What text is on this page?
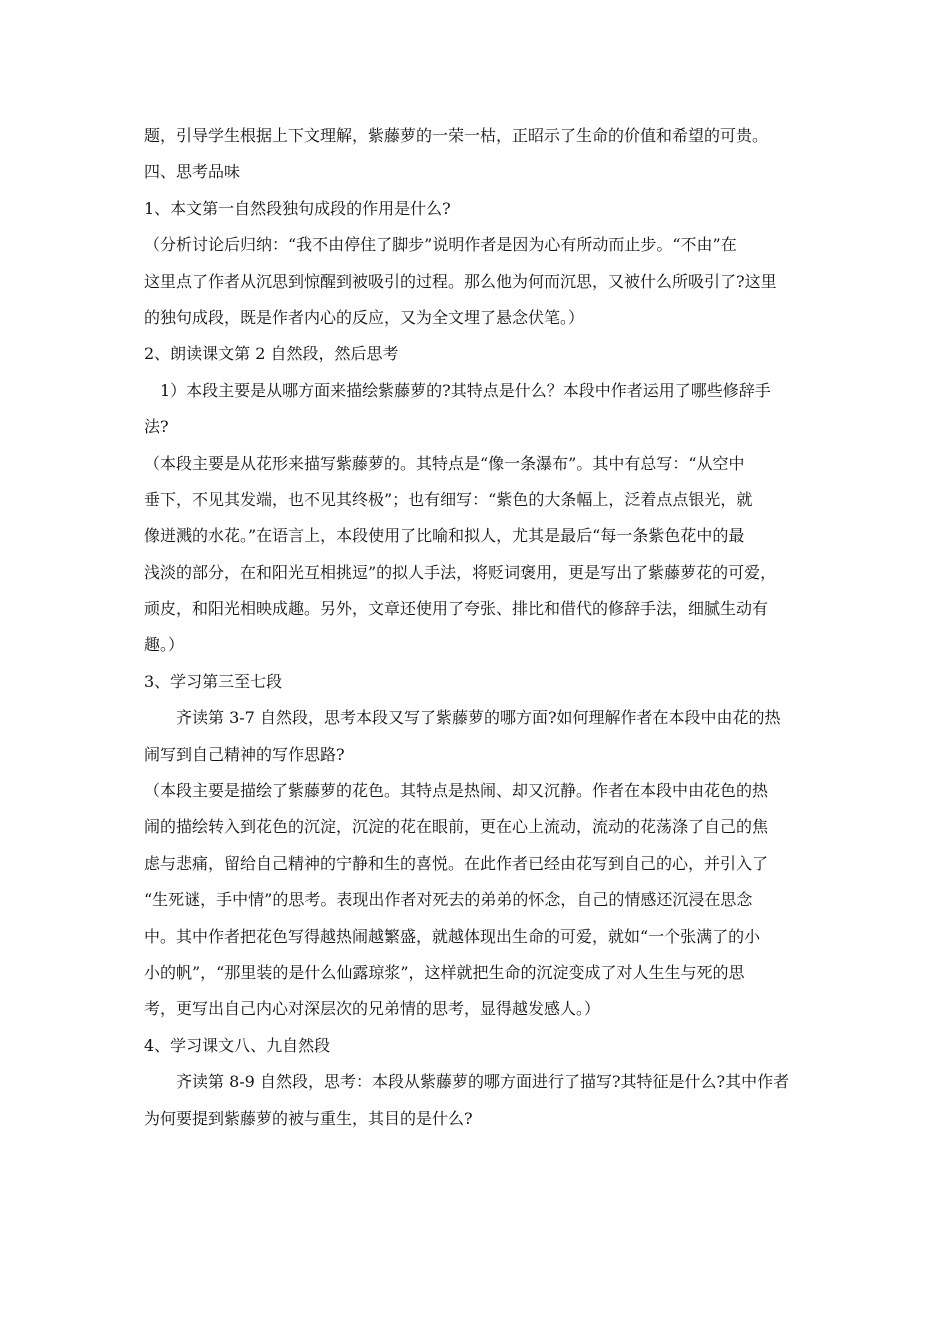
题，引导学生根据上下文理解，紫藤萝的一荣一枯，正昭示了生命的价值和希望的可贵。
四、思考品味
1、本文第一自然段独句成段的作用是什么?
（分析讨论后归纳：“我不由停住了脚步”说明作者是因为心有所动而止步。“不由”在
这里点了作者从沉思到惊醒到被吸引的过程。那么他为何而沉思，又被什么所吸引了?这里
的独句成段，既是作者内心的反应，又为全文埋了悬念伏笔。）
2、朗读课文第 2 自然段，然后思考
1）本段主要是从哪方面来描绘紫藤萝的?其特点是什么？本段中作者运用了哪些修辞手
法?
（本段主要是从花形来描写紫藤萝的。其特点是“像一条瀑布”。其中有总写：“从空中
垂下，不见其发端，也不见其终极”；也有细写：“紫色的大条幅上，泛着点点银光，就
像迸溅的水花。”在语言上，本段使用了比喻和拟人，尤其是最后“每一条紫色花中的最
浅淡的部分，在和阳光互相挑逗”的拟人手法，将贬词褒用，更是写出了紫藤萝花的可爱，
顽皮，和阳光相映成趣。另外，文章还使用了夸张、排比和借代的修辞手法，细腻生动有
趣。）
3、学习第三至七段
齐读第 3-7 自然段，思考本段又写了紫藤萝的哪方面?如何理解作者在本段中由花的热
闹写到自己精神的写作思路?
（本段主要是描绘了紫藤萝的花色。其特点是热闹、却又沉静。作者在本段中由花色的热
闹的描绘转入到花色的沉淀，沉淀的花在眼前，更在心上流动，流动的花荡涤了自己的焦
虑与悲痛，留给自己精神的宁静和生的喜悦。在此作者已经由花写到自己的心，并引入了
“生死谜，手中情”的思考。表现出作者对死去的弟弟的怀念，自己的情感还沉浸在思念
中。其中作者把花色写得越热闹越繁盛，就越体现出生命的可爱，就如“一个张满了的小
小的帆”，“那里装的是什么仙露琼浆”，这样就把生命的沉淀变成了对人生生与死的思
考，更写出自己内心对深层次的兄弟情的思考，显得越发感人。）
4、学习课文八、九自然段
齐读第 8-9 自然段，思考：本段从紫藤萝的哪方面进行了描写?其特征是什么?其中作者
为何要提到紫藤萝的被与重生，其目的是什么?
